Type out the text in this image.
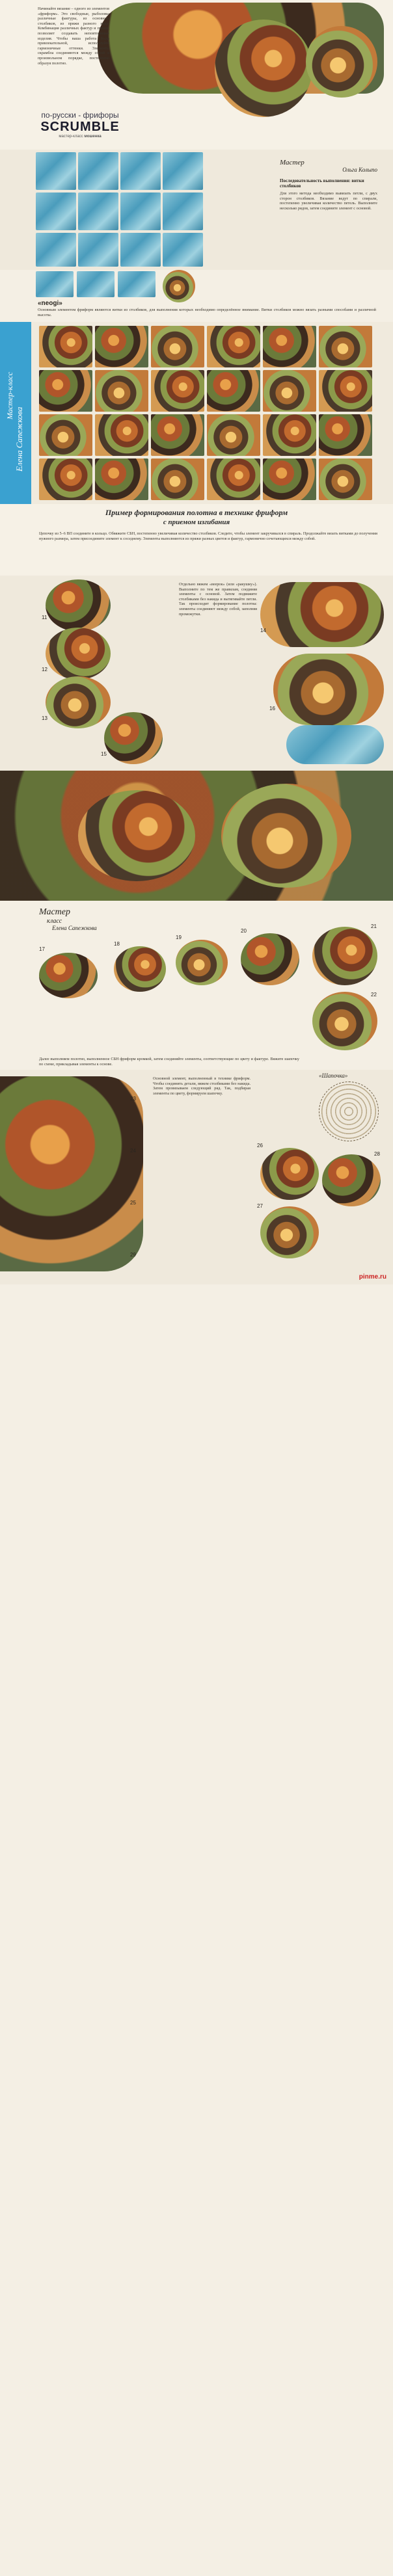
Начинайте вязание – одного из элементов «фриформ». Это свободные, рыболовы различные фактуры, из основных столбиков, из пряжи разного вида. Комбинация различных фактур и пряжи, позволяет создавать неповторимые изделия. Чтобы ваша работа была привлекательной, используйте гармоничные оттенки. Элементы скрамбла соединяются между собой в произвольном порядке, постепенно образуя полотно.
по-русски - фрифоры
SCRUMBLE
мастер-класс мошенка
Мастер
Ольга Колыпо
Последовательность выполнения: витки столбиков
Для этого метода необходимо вывязать петли, с двух сторон столбиков. Вязание ведут по спирали, постепенно увеличивая количество петель. Выполните несколько рядов, затем соедините элемент с основой.
«neogi»
Основным элементом фриформ являются витки из столбиков, для выполнения которых необходимо определённое внимание. Витки столбиков можно вязать разными способами и различной высоты.
Мастер-класс
Елена Сапежкова
Пример формирования полотна в технике фриформ
с приемом изгибания
Цепочку из 5–6 ВП соедините в кольцо. Обвяжите СБН, постепенно увеличивая количество столбиков. Следите, чтобы элемент закручивался в спираль. Продолжайте вязать витками до получения нужного размера, затем присоедините элемент к соседнему. Элементы выполняются из пряжи разных цветов и фактур, гармонично сочетающихся между собой.
Отдельно вяжем «веерок» (или «ракушку»). Выполните по тем же правилам, соединяя элементы с основой. Затем подвяжите столбиками без накида и вытягивайте петли. Так происходит формирование полотна: элементы соединяют между собой, заполняя промежутки.
11
12
13
14
15
16
Мастер
класс
Елена Сапежкова
17
18
19
20
21
22
Далее выполняем полотно, выполненное СБН фриформ кромкой, затем соединяйте элементы, соответствующие по цвету и фактуре. Вяжите шапочку по схеме, прикладывая элементы к основе.
«Шапочка»
Основной элемент, выполненный в технике фриформ. Чтобы соединить детали, вяжем столбиками без накида. Затем провязываем следующий ряд. Так, подбирая элементы по цвету, формируем шапочку.
23
24
25
26
27
28
29
pinme.ru
